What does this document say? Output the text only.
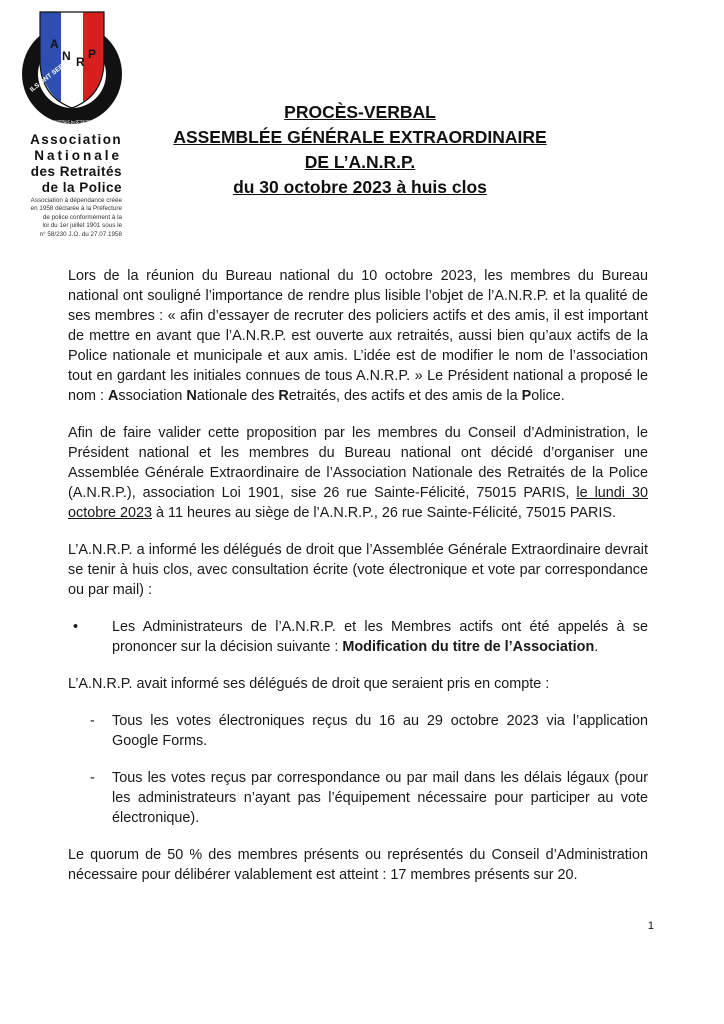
A
N R
P
ASSOCIATION NATIONALE des RETRAITES de la POLICE
ILS ONT SERVI
Association
Nationale
des Retraités
de la Police
Association à dépendance créée
en 1958 déclarée à la Préfecture
de police conformément à la
loi du 1er juillet 1901 sous le
n° 58/230 J.O. du 27.07.1958
PROCÈS-VERBAL
ASSEMBLÉE GÉNÉRALE EXTRAORDINAIRE
DE L’A.N.R.P.
du 30 octobre 2023 à huis clos

Lors de la réunion du Bureau national du 10 octobre 2023, les membres du Bureau national ont souligné l’importance de rendre plus lisible l’objet de l’A.N.R.P. et la qualité de ses membres : « afin d’essayer de recruter des policiers actifs et des amis, il est important de mettre en avant que l’A.N.R.P. est ouverte aux retraités, aussi bien qu’aux actifs de la Police nationale et municipale et aux amis. L’idée est de modifier le nom de l’association tout en gardant les initiales connues de tous A.N.R.P. » Le Président national a proposé le nom : Association Nationale des Retraités, des actifs et des amis de la Police.

Afin de faire valider cette proposition par les membres du Conseil d’Administration, le Président national et les membres du Bureau national ont décidé d’organiser une Assemblée Générale Extraordinaire de l’Association Nationale des Retraités de la Police (A.N.R.P.), association Loi 1901, sise 26 rue Sainte-Félicité, 75015 PARIS, le lundi 30 octobre 2023 à 11 heures au siège de l’A.N.R.P., 26 rue Sainte-Félicité, 75015 PARIS.

L’A.N.R.P. a informé les délégués de droit que l’Assemblée Générale Extraordinaire devrait se tenir à huis clos, avec consultation écrite (vote électronique et vote par correspondance ou par mail) :

• Les Administrateurs de l’A.N.R.P. et les Membres actifs ont été appelés à se prononcer sur la décision suivante : Modification du titre de l’Association.

L’A.N.R.P. avait informé ses délégués de droit que seraient pris en compte :

- Tous les votes électroniques reçus du 16 au 29 octobre 2023 via l’application Google Forms.
- Tous les votes reçus par correspondance ou par mail dans les délais légaux (pour les administrateurs n’ayant pas l’équipement nécessaire pour participer au vote électronique).

Le quorum de 50 % des membres présents ou représentés du Conseil d’Administration nécessaire pour délibérer valablement est atteint : 17 membres présents sur 20.

1
